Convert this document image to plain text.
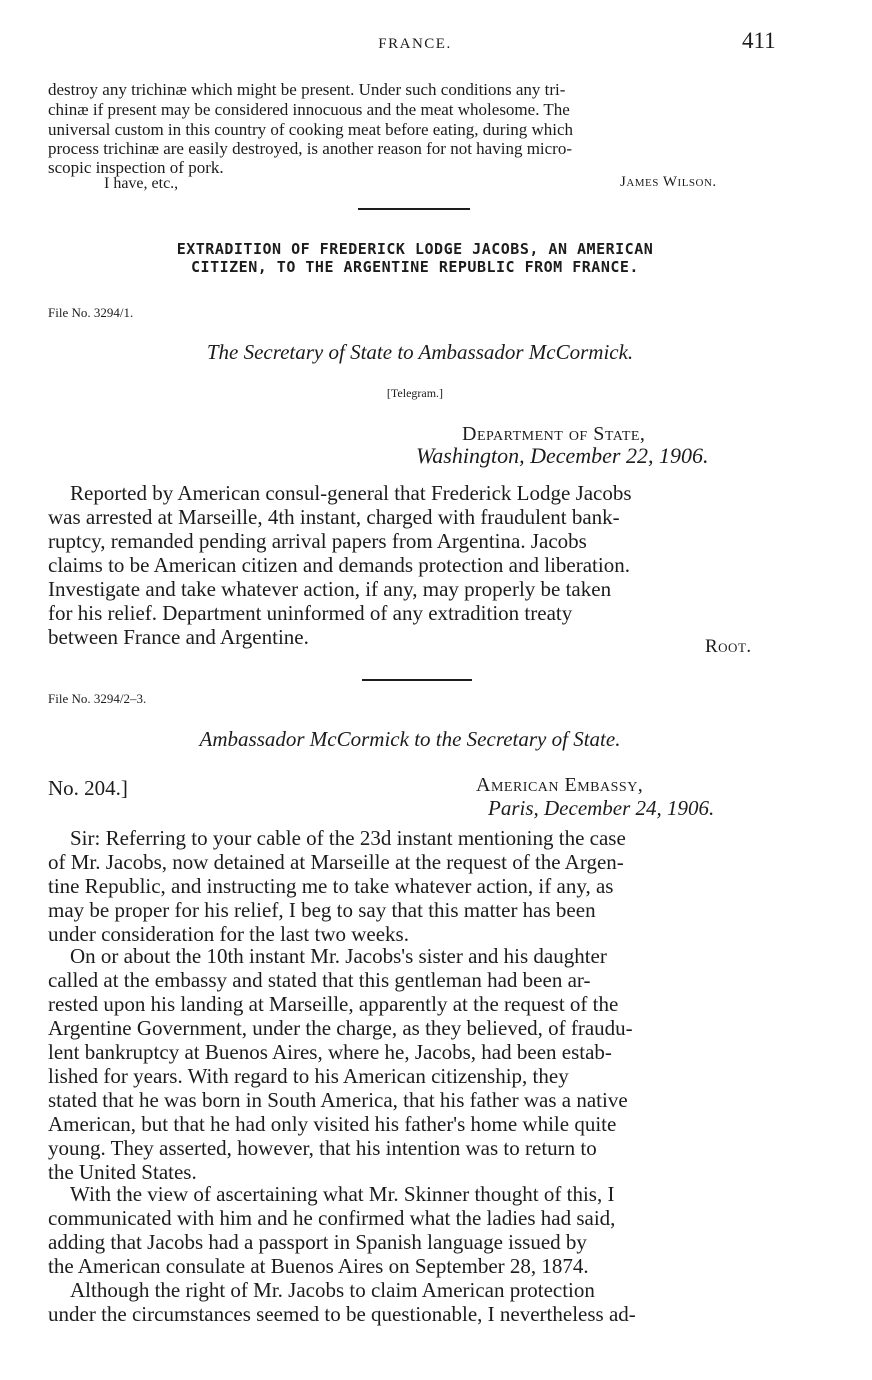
FRANCE.	411
destroy any trichinæ which might be present. Under such conditions any tri-
chinæ if present may be considered innocuous and the meat wholesome. The
universal custom in this country of cooking meat before eating, during which
process trichinæ are easily destroyed, is another reason for not having micro-
scopic inspection of pork.
I have, etc.,	James Wilson.
EXTRADITION OF FREDERICK LODGE JACOBS, AN AMERICAN
CITIZEN, TO THE ARGENTINE REPUBLIC FROM FRANCE.
File No. 3294/1.
The Secretary of State to Ambassador McCormick.
[Telegram.]
Department of State,
Washington, December 22, 1906.
Reported by American consul-general that Frederick Lodge Jacobs
was arrested at Marseille, 4th instant, charged with fraudulent bank-
ruptcy, remanded pending arrival papers from Argentina. Jacobs
claims to be American citizen and demands protection and liberation.
Investigate and take whatever action, if any, may properly be taken
for his relief. Department uninformed of any extradition treaty
between France and Argentine.	Root.
File No. 3294/2–3.
Ambassador McCormick to the Secretary of State.
No. 204.]	American Embassy,
Paris, December 24, 1906.
Sir: Referring to your cable of the 23d instant mentioning the case
of Mr. Jacobs, now detained at Marseille at the request of the Argen-
tine Republic, and instructing me to take whatever action, if any, as
may be proper for his relief, I beg to say that this matter has been
under consideration for the last two weeks.
On or about the 10th instant Mr. Jacobs's sister and his daughter
called at the embassy and stated that this gentleman had been ar-
rested upon his landing at Marseille, apparently at the request of the
Argentine Government, under the charge, as they believed, of fraudu-
lent bankruptcy at Buenos Aires, where he, Jacobs, had been estab-
lished for years. With regard to his American citizenship, they
stated that he was born in South America, that his father was a native
American, but that he had only visited his father's home while quite
young. They asserted, however, that his intention was to return to
the United States.
With the view of ascertaining what Mr. Skinner thought of this, I
communicated with him and he confirmed what the ladies had said,
adding that Jacobs had a passport in Spanish language issued by
the American consulate at Buenos Aires on September 28, 1874.
Although the right of Mr. Jacobs to claim American protection
under the circumstances seemed to be questionable, I nevertheless ad-
